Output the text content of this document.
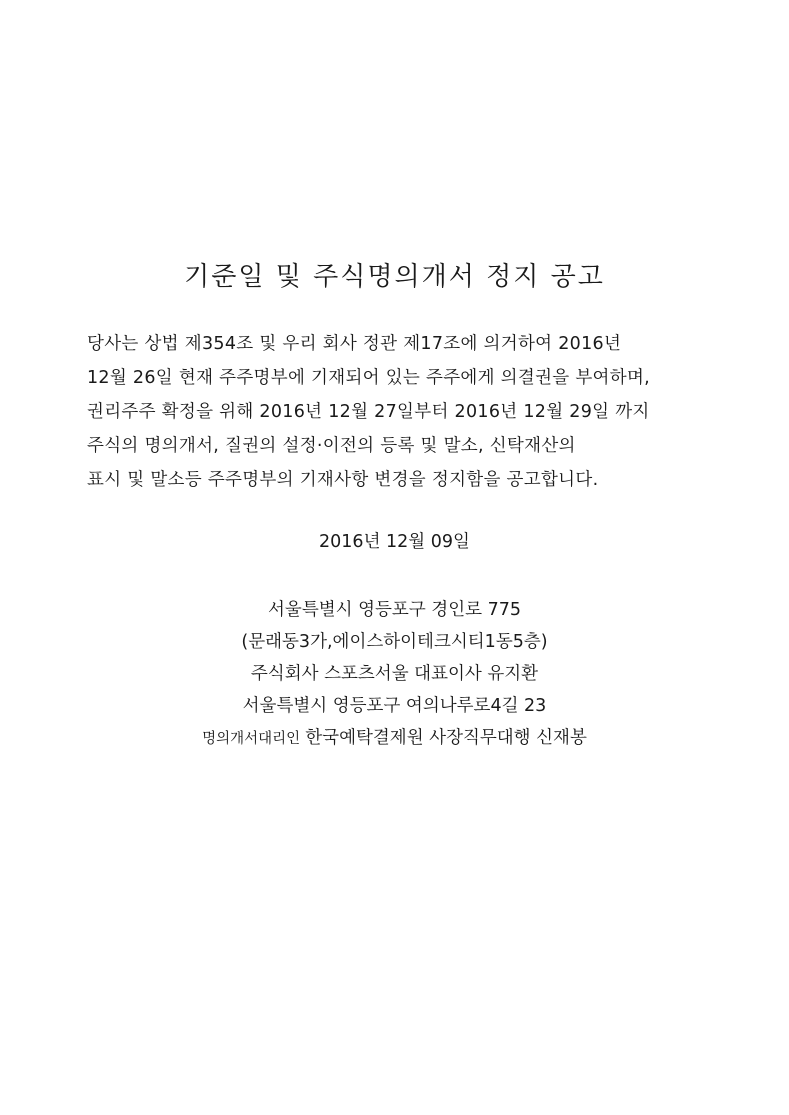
기준일 및 주식명의개서 정지 공고

당사는 상법 제354조 및 우리 회사 정관 제17조에 의거하여 2016년

12월 26일 현재 주주명부에 기재되어 있는 주주에게 의결권을 부여하며,

권리주주 확정을 위해 2016년 12월 27일부터 2016년 12월 29일 까지

주식의 명의개서, 질권의 설정·이전의 등록 및 말소, 신탁재산의

표시 및 말소등 주주명부의 기재사항 변경을 정지함을 공고합니다.

2016년 12월 09일

서울특별시 영등포구 경인로 775

(문래동3가,에이스하이테크시티1동5층)

주식회사 스포츠서울 대표이사 유지환

서울특별시 영등포구 여의나루로4길 23

명의개서대리인 한국예탁결제원 사장직무대행 신재봉
